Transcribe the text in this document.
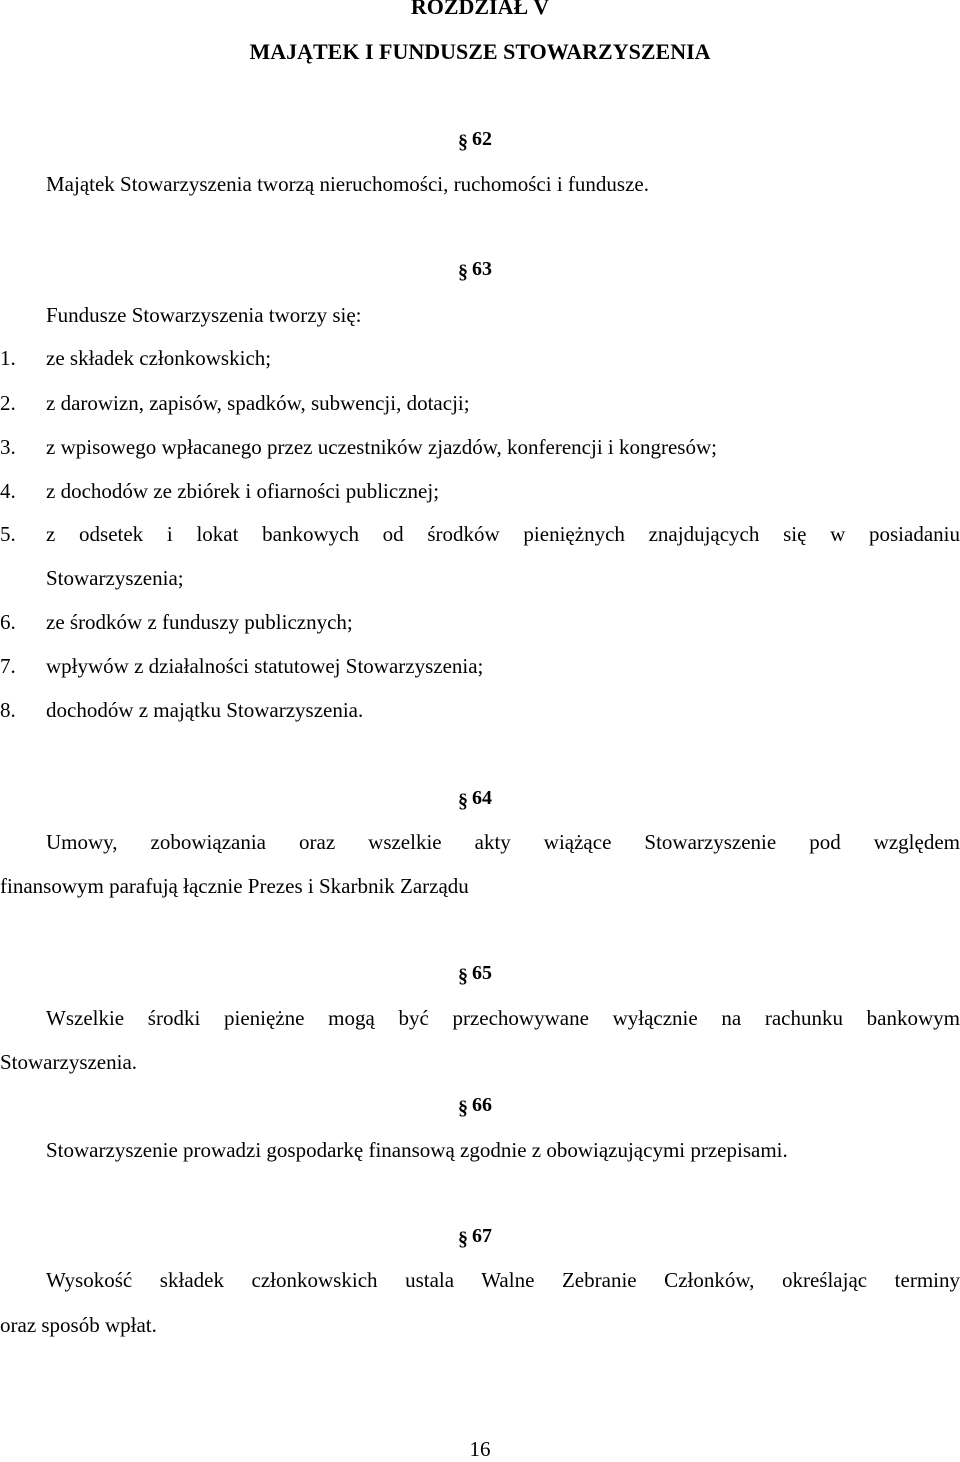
ROZDZIAŁ V
MAJĄTEK I FUNDUSZE STOWARZYSZENIA
§ 62
Majątek Stowarzyszenia tworzą nieruchomości, ruchomości i fundusze.
§ 63
Fundusze Stowarzyszenia tworzy się:
1. ze składek członkowskich;
2. z darowizn, zapisów, spadków, subwencji, dotacji;
3. z wpisowego wpłacanego przez uczestników zjazdów, konferencji i kongresów;
4. z dochodów ze zbiórek i ofiarności publicznej;
5. z odsetek i lokat bankowych od środków pieniężnych znajdujących się w posiadaniu
Stowarzyszenia;
6. ze środków z funduszy publicznych;
7. wpływów z działalności statutowej Stowarzyszenia;
8. dochodów z majątku Stowarzyszenia.
§ 64
Umowy, zobowiązania oraz wszelkie akty wiążące Stowarzyszenie pod względem
finansowym parafują łącznie Prezes i Skarbnik Zarządu
§ 65
Wszelkie środki pieniężne mogą być przechowywane wyłącznie na rachunku bankowym
Stowarzyszenia.
§ 66
Stowarzyszenie prowadzi gospodarkę finansową zgodnie z obowiązującymi przepisami.
§ 67
Wysokość składek członkowskich ustala Walne Zebranie Członków, określając terminy
oraz sposób wpłat.
16
